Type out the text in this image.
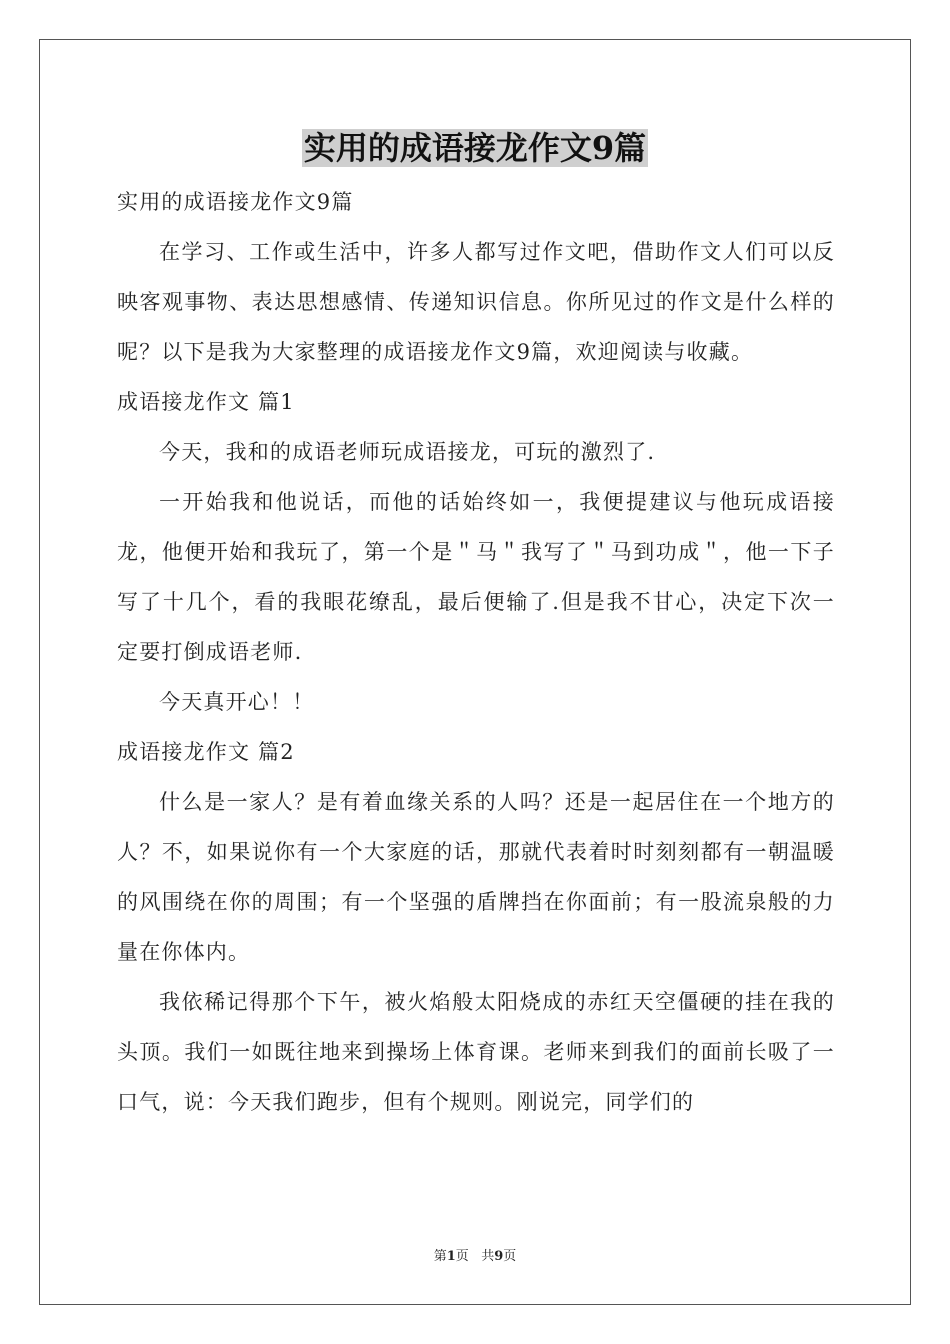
实用的成语接龙作文9篇
实用的成语接龙作文9篇

在学习、工作或生活中，许多人都写过作文吧，借助作文人们可以反映客观事物、表达思想感情、传递知识信息。你所见过的作文是什么样的呢？以下是我为大家整理的成语接龙作文9篇，欢迎阅读与收藏。

成语接龙作文 篇1

今天，我和的成语老师玩成语接龙，可玩的激烈了.

一开始我和他说话，而他的话始终如一，我便提建议与他玩成语接龙，他便开始和我玩了，第一个是＂马＂我写了＂马到功成＂，他一下子写了十几个，看的我眼花缭乱，最后便输了.但是我不甘心，决定下次一定要打倒成语老师.

今天真开心！！

成语接龙作文 篇2

什么是一家人？是有着血缘关系的人吗？还是一起居住在一个地方的人？不，如果说你有一个大家庭的话，那就代表着时时刻刻都有一朝温暖的风围绕在你的周围；有一个坚强的盾牌挡在你面前；有一股流泉般的力量在你体内。

我依稀记得那个下午，被火焰般太阳烧成的赤红天空僵硬的挂在我的头顶。我们一如既往地来到操场上体育课。老师来到我们的面前长吸了一口气，说：今天我们跑步，但有个规则。刚说完，同学们的

第1页 共9页
